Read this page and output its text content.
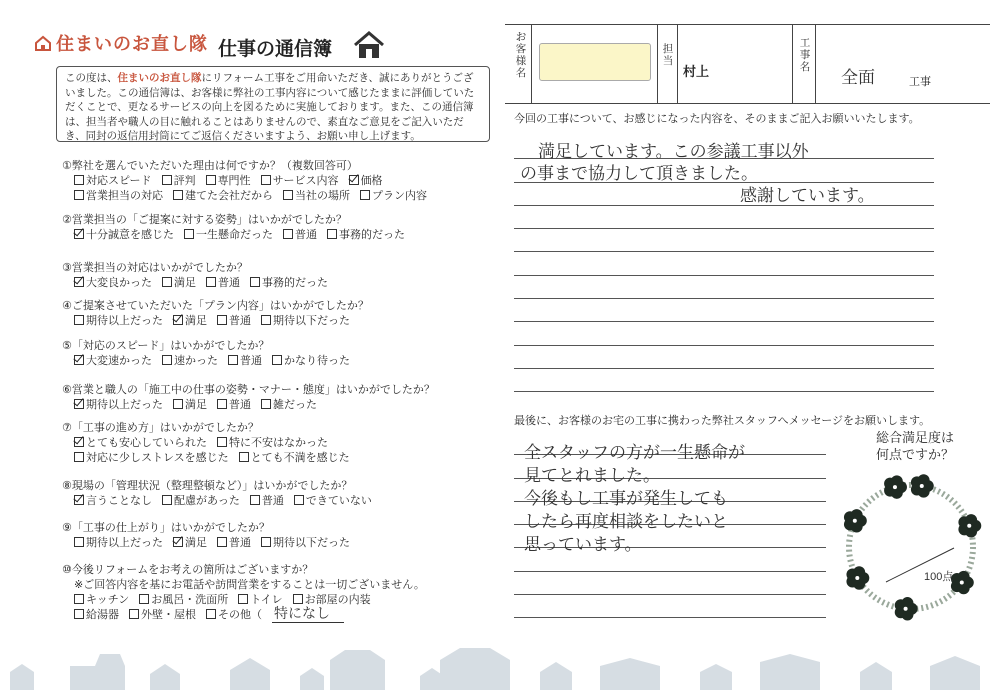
住まいのお直し隊 仕事の通信簿
この度は、住まいのお直し隊にリフォーム工事をご用命いただき、誠にありがとうございました。この通信簿は、お客様に弊社の工事内容について感じたままに評価していただくことで、更なるサービスの向上を図るために実施しております。また、この通信簿は、担当者や職人の目に触れることはありませんので、素直なご意見をご記入いただき、同封の返信用封筒にてご返信くださいますよう、お願い申し上げます。
①弊社を選んでいただいた理由は何ですか？（複数回答可）
対応スピード 評判 専門性 サービス内容 価格
営業担当の対応 建てた会社だから 当社の場所 プラン内容
②営業担当の「ご提案に対する姿勢」はいかがでしたか？
十分誠意を感じた 一生懸命だった 普通 事務的だった
③営業担当の対応はいかがでしたか？
大変良かった 満足 普通 事務的だった
④ご提案させていただいた「プラン内容」はいかがでしたか？
期待以上だった 満足 普通 期待以下だった
⑤「対応のスピード」はいかがでしたか？
大変速かった 速かった 普通 かなり待った
⑥営業と職人の「施工中の仕事の姿勢・マナー・態度」はいかがでしたか？
期待以上だった 満足 普通 雑だった
⑦「工事の進め方」はいかがでしたか？
とても安心していられた 特に不安はなかった
対応に少しストレスを感じた とても不満を感じた
⑧現場の「管理状況（整理整頓など）」はいかがでしたか？
言うことなし 配慮があった 普通 できていない
⑨「工事の仕上がり」はいかがでしたか？
期待以上だった 満足 普通 期待以下だった
⑩今後リフォームをお考えの箇所はございますか？
※ご回答内容を基にお電話や訪問営業をすることは一切ございません。
キッチン お風呂・洗面所 トイレ お部屋の内装
給湯器 外壁・屋根 その他（ 特になし
お客様名
担当
村上
工事名
全面	工事
今回の工事について、お感じになった内容を、そのままご記入お願いいたします。
満足しています。この参議工事以外
の事まで協力して頂きました。
感謝しています。
最後に、お客様のお宅の工事に携わった弊社スタッフへメッセージをお願いします。
全スタッフの方が一生懸命が
見てとれました。
今後もし工事が発生しても
したら再度相談をしたいと
思っています。
総合満足度は
何点ですか？
100点
